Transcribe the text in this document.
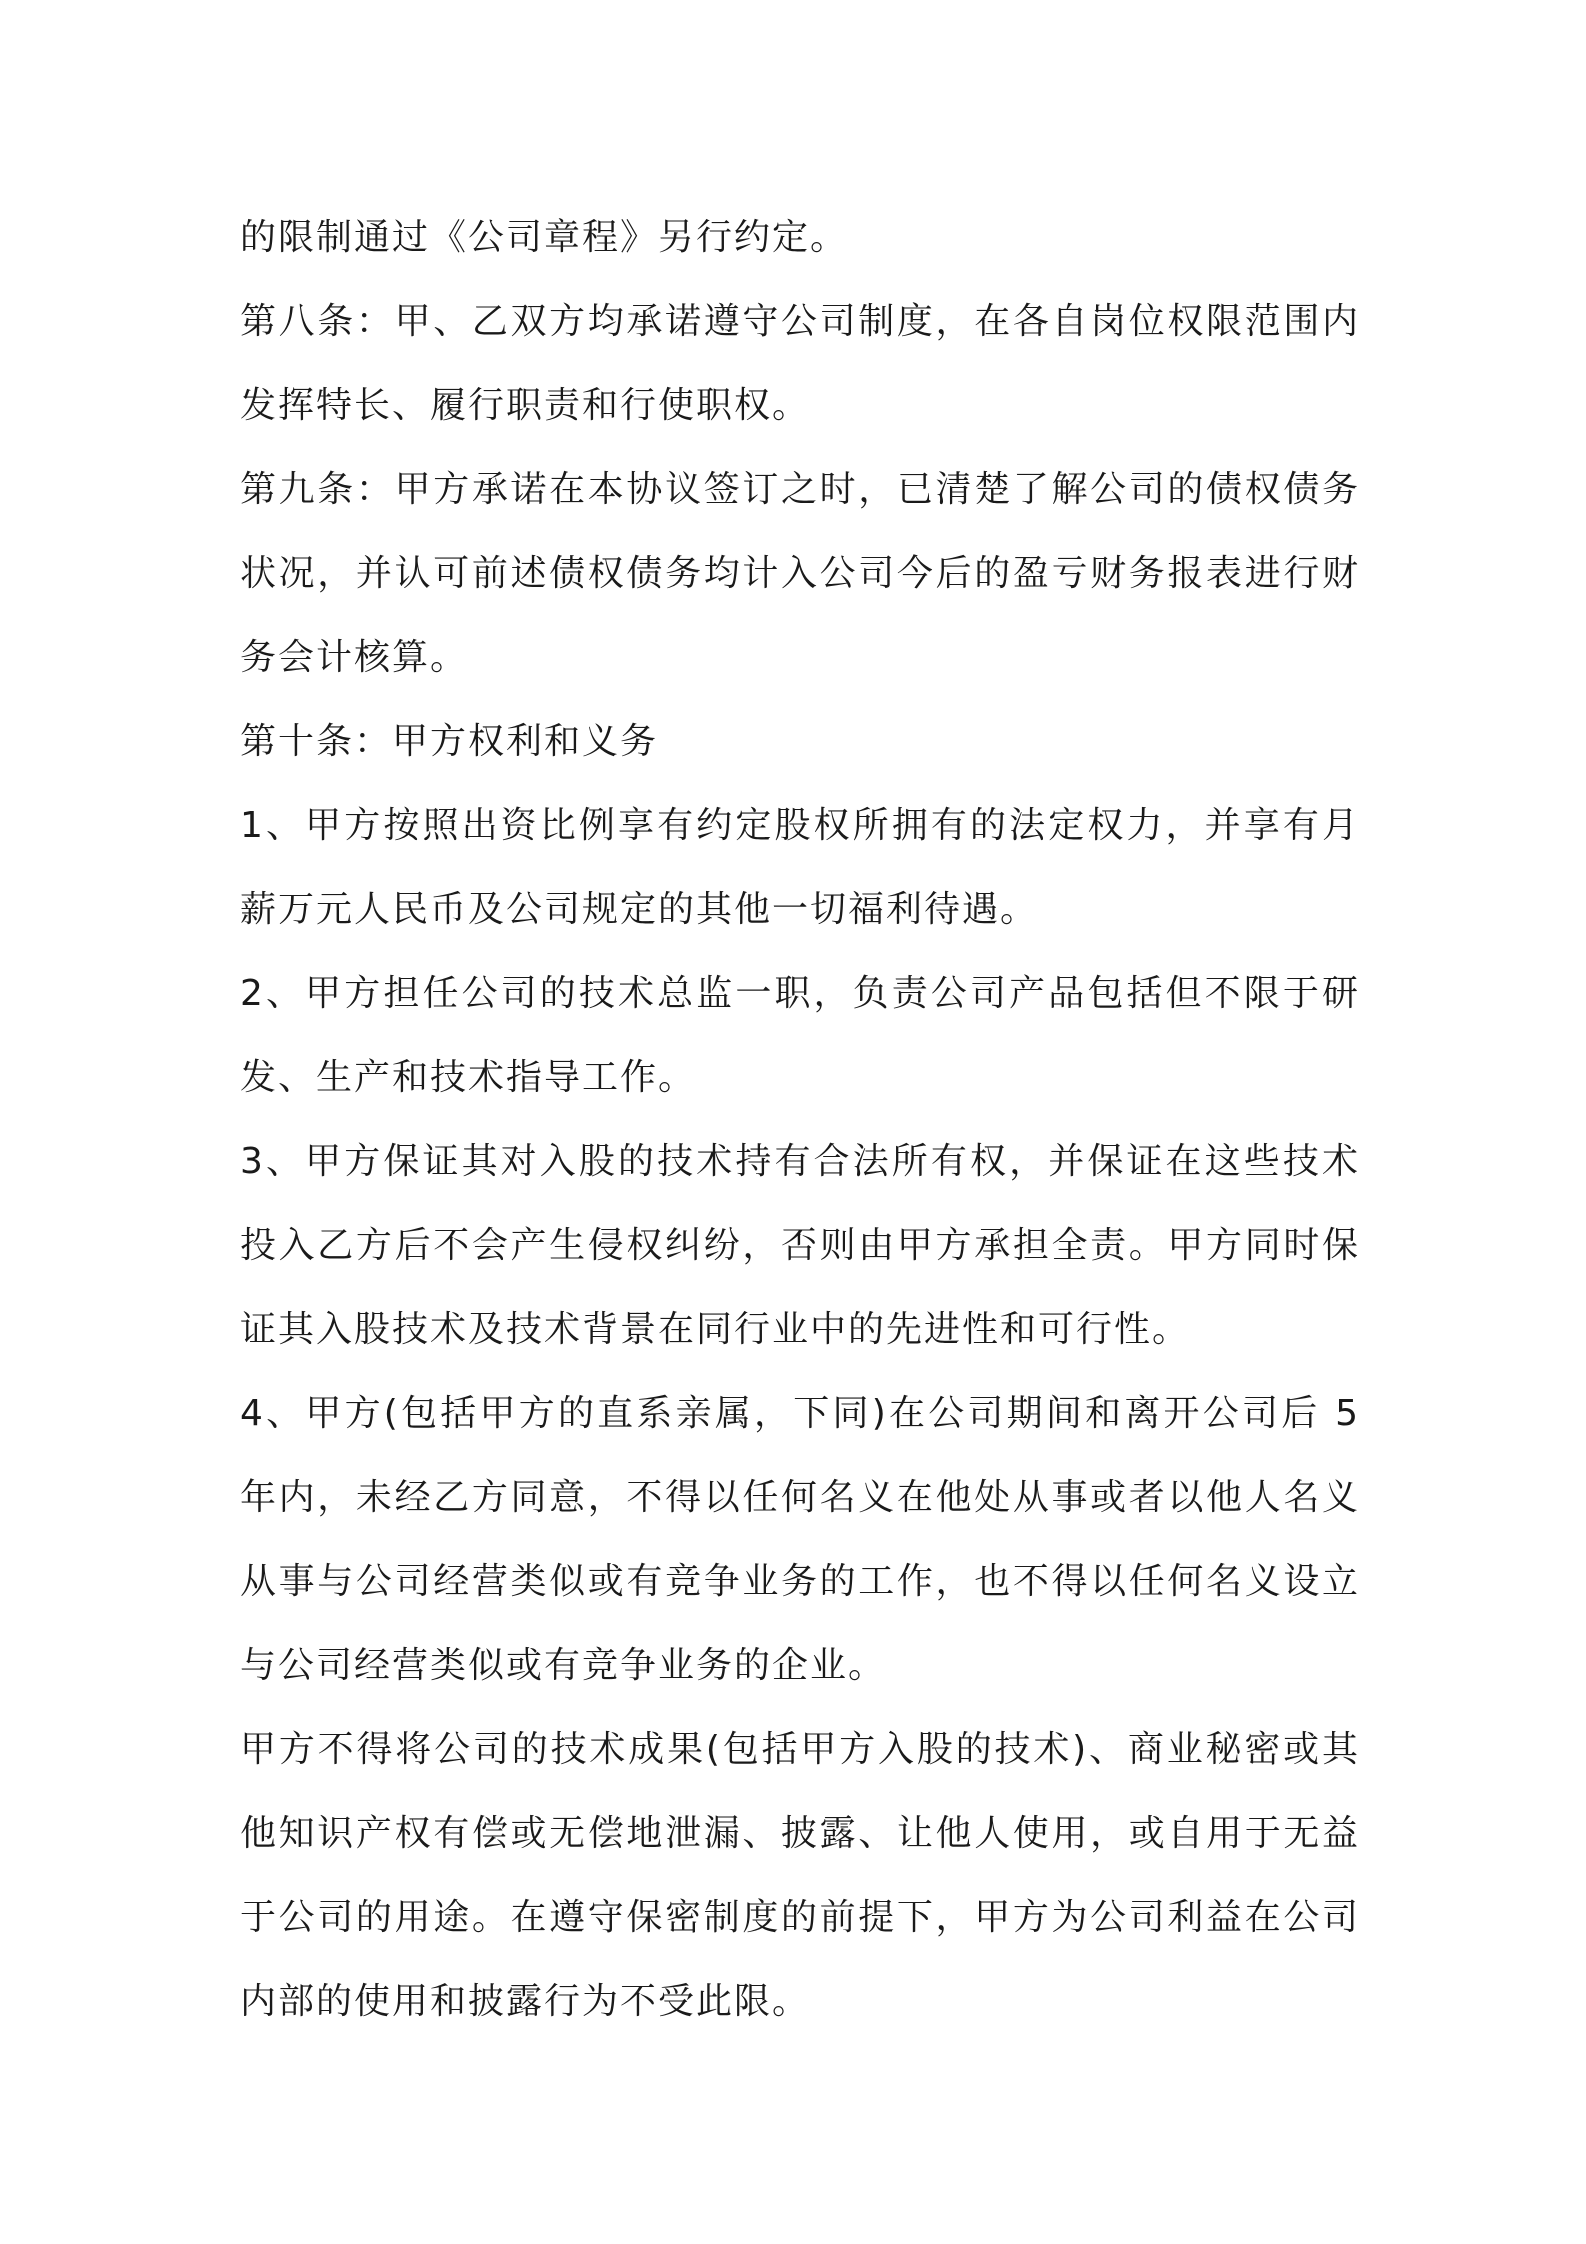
的限制通过《公司章程》另行约定。

第八条：甲、乙双方均承诺遵守公司制度，在各自岗位权限范围内发挥特长、履行职责和行使职权。

第九条：甲方承诺在本协议签订之时，已清楚了解公司的债权债务状况，并认可前述债权债务均计入公司今后的盈亏财务报表进行财务会计核算。

第十条：甲方权利和义务

1、甲方按照出资比例享有约定股权所拥有的法定权力，并享有月薪万元人民币及公司规定的其他一切福利待遇。

2、甲方担任公司的技术总监一职，负责公司产品包括但不限于研发、生产和技术指导工作。

3、甲方保证其对入股的技术持有合法所有权，并保证在这些技术投入乙方后不会产生侵权纠纷，否则由甲方承担全责。甲方同时保证其入股技术及技术背景在同行业中的先进性和可行性。

4、甲方(包括甲方的直系亲属，下同)在公司期间和离开公司后 5 年内，未经乙方同意，不得以任何名义在他处从事或者以他人名义从事与公司经营类似或有竞争业务的工作，也不得以任何名义设立与公司经营类似或有竞争业务的企业。

甲方不得将公司的技术成果(包括甲方入股的技术)、商业秘密或其他知识产权有偿或无偿地泄漏、披露、让他人使用，或自用于无益于公司的用途。在遵守保密制度的前提下，甲方为公司利益在公司内部的使用和披露行为不受此限。
